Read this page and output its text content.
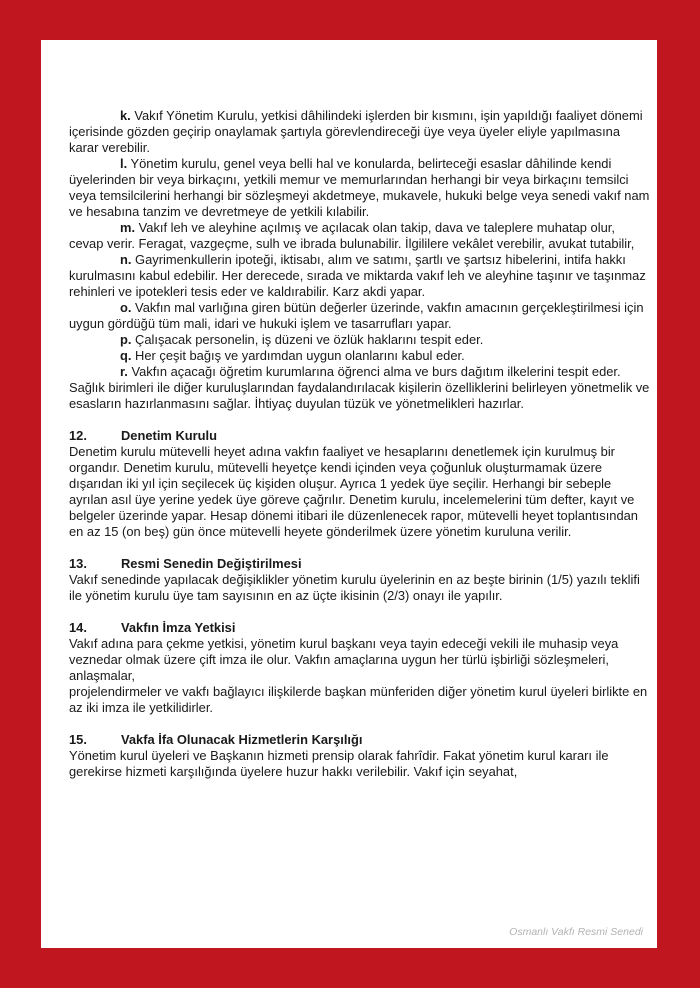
k. Vakıf Yönetim Kurulu, yetkisi dâhilindeki işlerden bir kısmını, işin yapıldığı faaliyet dönemi içerisinde gözden geçirip onaylamak şartıyla görevlendireceği üye veya üyeler eliyle yapılmasına karar verebilir.

l. Yönetim kurulu, genel veya belli hal ve konularda, belirteceği esaslar dâhilinde kendi üyelerinden bir veya birkaçını, yetkili memur ve memurlarından herhangi bir veya birkaçını temsilci veya temsilcilerini herhangi bir sözleşmeyi akdetmeye, mukavele, hukuki belge veya senedi vakıf nam ve hesabına tanzim ve devretmeye de yetkili kılabilir.

m. Vakıf leh ve aleyhine açılmış ve açılacak olan takip, dava ve taleplere muhatap olur, cevap verir. Feragat, vazgeçme, sulh ve ibrada bulunabilir. İlgililere vekâlet verebilir, avukat tutabilir,

n. Gayrimenkullerin ipoteği, iktisabı, alım ve satımı, şartlı ve şartsız hibelerini, intifa hakkı kurulmasını kabul edebilir. Her derecede, sırada ve miktarda vakıf leh ve aleyhine taşınır ve taşınmaz rehinleri ve ipotekleri tesis eder ve kaldırabilir. Karz akdi yapar.

o. Vakfın mal varlığına giren bütün değerler üzerinde, vakfın amacının gerçekleştirilmesi için uygun gördüğü tüm mali, idari ve hukuki işlem ve tasarrufları yapar.

p. Çalışacak personelin, iş düzeni ve özlük haklarını tespit eder.

q. Her çeşit bağış ve yardımdan uygun olanlarını kabul eder.

r. Vakfın açacağı öğretim kurumlarına öğrenci alma ve burs dağıtım ilkelerini tespit eder. Sağlık birimleri ile diğer kuruluşlarından faydalandırılacak kişilerin özelliklerini belirleyen yönetmelik ve esasların hazırlanmasını sağlar. İhtiyaç duyulan tüzük ve yönetmelikleri hazırlar.

12.	Denetim Kurulu
Denetim kurulu mütevelli heyet adına vakfın faaliyet ve hesaplarını denetlemek için kurulmuş bir organdır. Denetim kurulu, mütevelli heyetçe kendi içinden veya çoğunluk oluşturmamak üzere dışarıdan iki yıl için seçilecek üç kişiden oluşur. Ayrıca 1 yedek üye seçilir. Herhangi bir sebeple ayrılan asıl üye yerine yedek üye göreve çağrılır. Denetim kurulu, incelemelerini tüm defter, kayıt ve belgeler üzerinde yapar. Hesap dönemi itibari ile düzenlenecek rapor, mütevelli heyet toplantısından en az 15 (on beş) gün önce mütevelli heyete gönderilmek üzere yönetim kuruluna verilir.
13.	Resmi Senedin Değiştirilmesi
Vakıf senedinde yapılacak değişiklikler yönetim kurulu üyelerinin en az beşte birinin (1/5) yazılı teklifi ile yönetim kurulu üye tam sayısının en az üçte ikisinin (2/3) onayı ile yapılır.
14.	Vakfın İmza Yetkisi
Vakıf adına para çekme yetkisi, yönetim kurul başkanı veya tayin edeceği vekili ile muhasip veya veznedar olmak üzere çift imza ile olur. Vakfın amaçlarına uygun her türlü işbirliği sözleşmeleri, anlaşmalar,
projelendirmeler ve vakfı bağlayıcı ilişkilerde başkan münferiden diğer yönetim kurul üyeleri birlikte en az iki imza ile yetkilidirler.
15.	Vakfa İfa Olunacak Hizmetlerin Karşılığı
Yönetim kurul üyeleri ve Başkanın hizmeti prensip olarak fahrîdir. Fakat yönetim kurul kararı ile gerekirse hizmeti karşılığında üyelere huzur hakkı verilebilir. Vakıf için seyahat,
Osmanlı Vakfı Resmi Senedi
